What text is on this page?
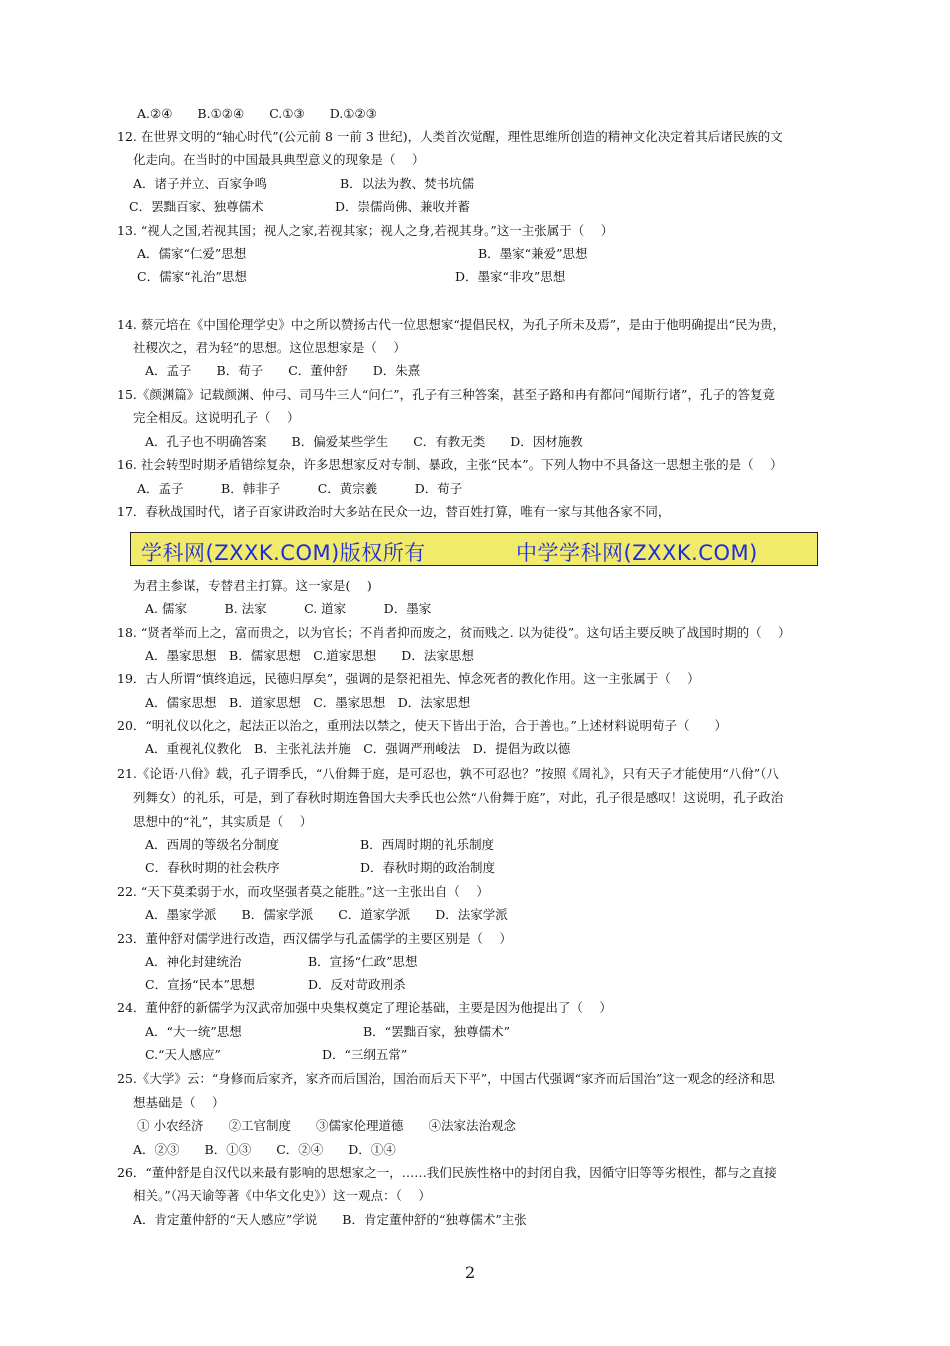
A.②④　　B.①②④　　C.①③　　D.①②③
12. 在世界文明的“轴心时代”(公元前 8 一前 3 世纪)，人类首次觉醒，理性思维所创造的精神文化决定着其后诸民族的文
化走向。在当时的中国最具典型意义的现象是（　 ）
A．诸子并立、百家争鸣	B．以法为教、焚书坑儒
C．罢黜百家、独尊儒术	D．崇儒尚佛、兼收并蓄
13. “视人之国,若视其国；视人之家,若视其家；视人之身,若视其身。”这一主张属于（　 ）
A．儒家“仁爱”思想	B．墨家“兼爱”思想
C．儒家“礼治”思想	D．墨家“非攻”思想
14. 蔡元培在《中国伦理学史》中之所以赞扬古代一位思想家“提倡民权，为孔子所未及焉”，是由于他明确提出“民为贵，
社稷次之，君为轻”的思想。这位思想家是（　 ）
A．孟子　　B．荀子　　C．董仲舒　　D．朱熹
15.《颜渊篇》记载颜渊、仲弓、司马牛三人“问仁”，孔子有三种答案，甚至子路和冉有都问“闻斯行诸”，孔子的答复竟
完全相反。这说明孔子（　 ）
A．孔子也不明确答案　　B．偏爱某些学生　　C．有教无类　　D．因材施教
16. 社会转型时期矛盾错综复杂，许多思想家反对专制、暴政，主张“民本”。下列人物中不具备这一思想主张的是（　 ）
A．孟子　　　B．韩非子　　　C．黄宗羲　　　D．荀子
17．春秋战国时代，诸子百家讲政治时大多站在民众一边，替百姓打算，唯有一家与其他各家不同，
学科网(ZXXK.COM)版权所有	中学学科网(ZXXK.COM)
为君主参谋，专替君主打算。这一家是(　 )
A. 儒家　　　B. 法家　　　C. 道家　　　D．墨家
18. “贤者举而上之，富而贵之，以为官长；不肖者抑而废之，贫而贱之. 以为徒役”。这句话主要反映了战国时期的（　 ）
A．墨家思想　B．儒家思想　C.道家思想　　D．法家思想
19．古人所谓“慎终追远，民德归厚矣”，强调的是祭祀祖先、悼念死者的教化作用。这一主张属于（　 ）
A．儒家思想　B．道家思想　C．墨家思想　D．法家思想
20．“明礼仪以化之，起法正以治之，重刑法以禁之，使天下皆出于治，合于善也。”上述材料说明荀子（　　）
A．重视礼仪教化　B．主张礼法并施　C．强调严刑峻法　D．提倡为政以德
21.《论语·八佾》载，孔子谓季氏，“八佾舞于庭，是可忍也，孰不可忍也？”按照《周礼》，只有天子才能使用“八佾”（八
列舞女）的礼乐，可是，到了春秋时期连鲁国大夫季氏也公然“八佾舞于庭”，对此，孔子很是感叹！这说明，孔子政治
思想中的“礼”，其实质是（　 ）
A．西周的等级名分制度	B．西周时期的礼乐制度
C．春秋时期的社会秩序	D．春秋时期的政治制度
22. “天下莫柔弱于水，而攻坚强者莫之能胜。”这一主张出自（　 ）
A．墨家学派　　B．儒家学派　　C．道家学派　　D．法家学派
23．董仲舒对儒学进行改造，西汉儒学与孔孟儒学的主要区别是（　 ）
A．神化封建统治	B．宣扬“仁政”思想
C．宣扬“民本”思想	D．反对苛政刑杀
24．董仲舒的新儒学为汉武帝加强中央集权奠定了理论基础，主要是因为他提出了（　 ）
A．“大一统”思想	B．“罢黜百家，独尊儒术”
C.“天人感应”	D．“三纲五常”
25.《大学》云：“身修而后家齐，家齐而后国治，国治而后天下平”，中国古代强调“家齐而后国治”这一观念的经济和思
想基础是（　 ）
① 小农经济　　②工官制度　　③儒家伦理道德　　④法家法治观念
A．②③　　B．①③　　C．②④　　D．①④
26．“董仲舒是自汉代以来最有影响的思想家之一，……我们民族性格中的封闭自我，因循守旧等等劣根性，都与之直接
相关。”（冯天谕等著《中华文化史》）这一观点：（　 ）
A．肯定董仲舒的“天人感应”学说　　B．肯定董仲舒的“独尊儒术”主张
2
